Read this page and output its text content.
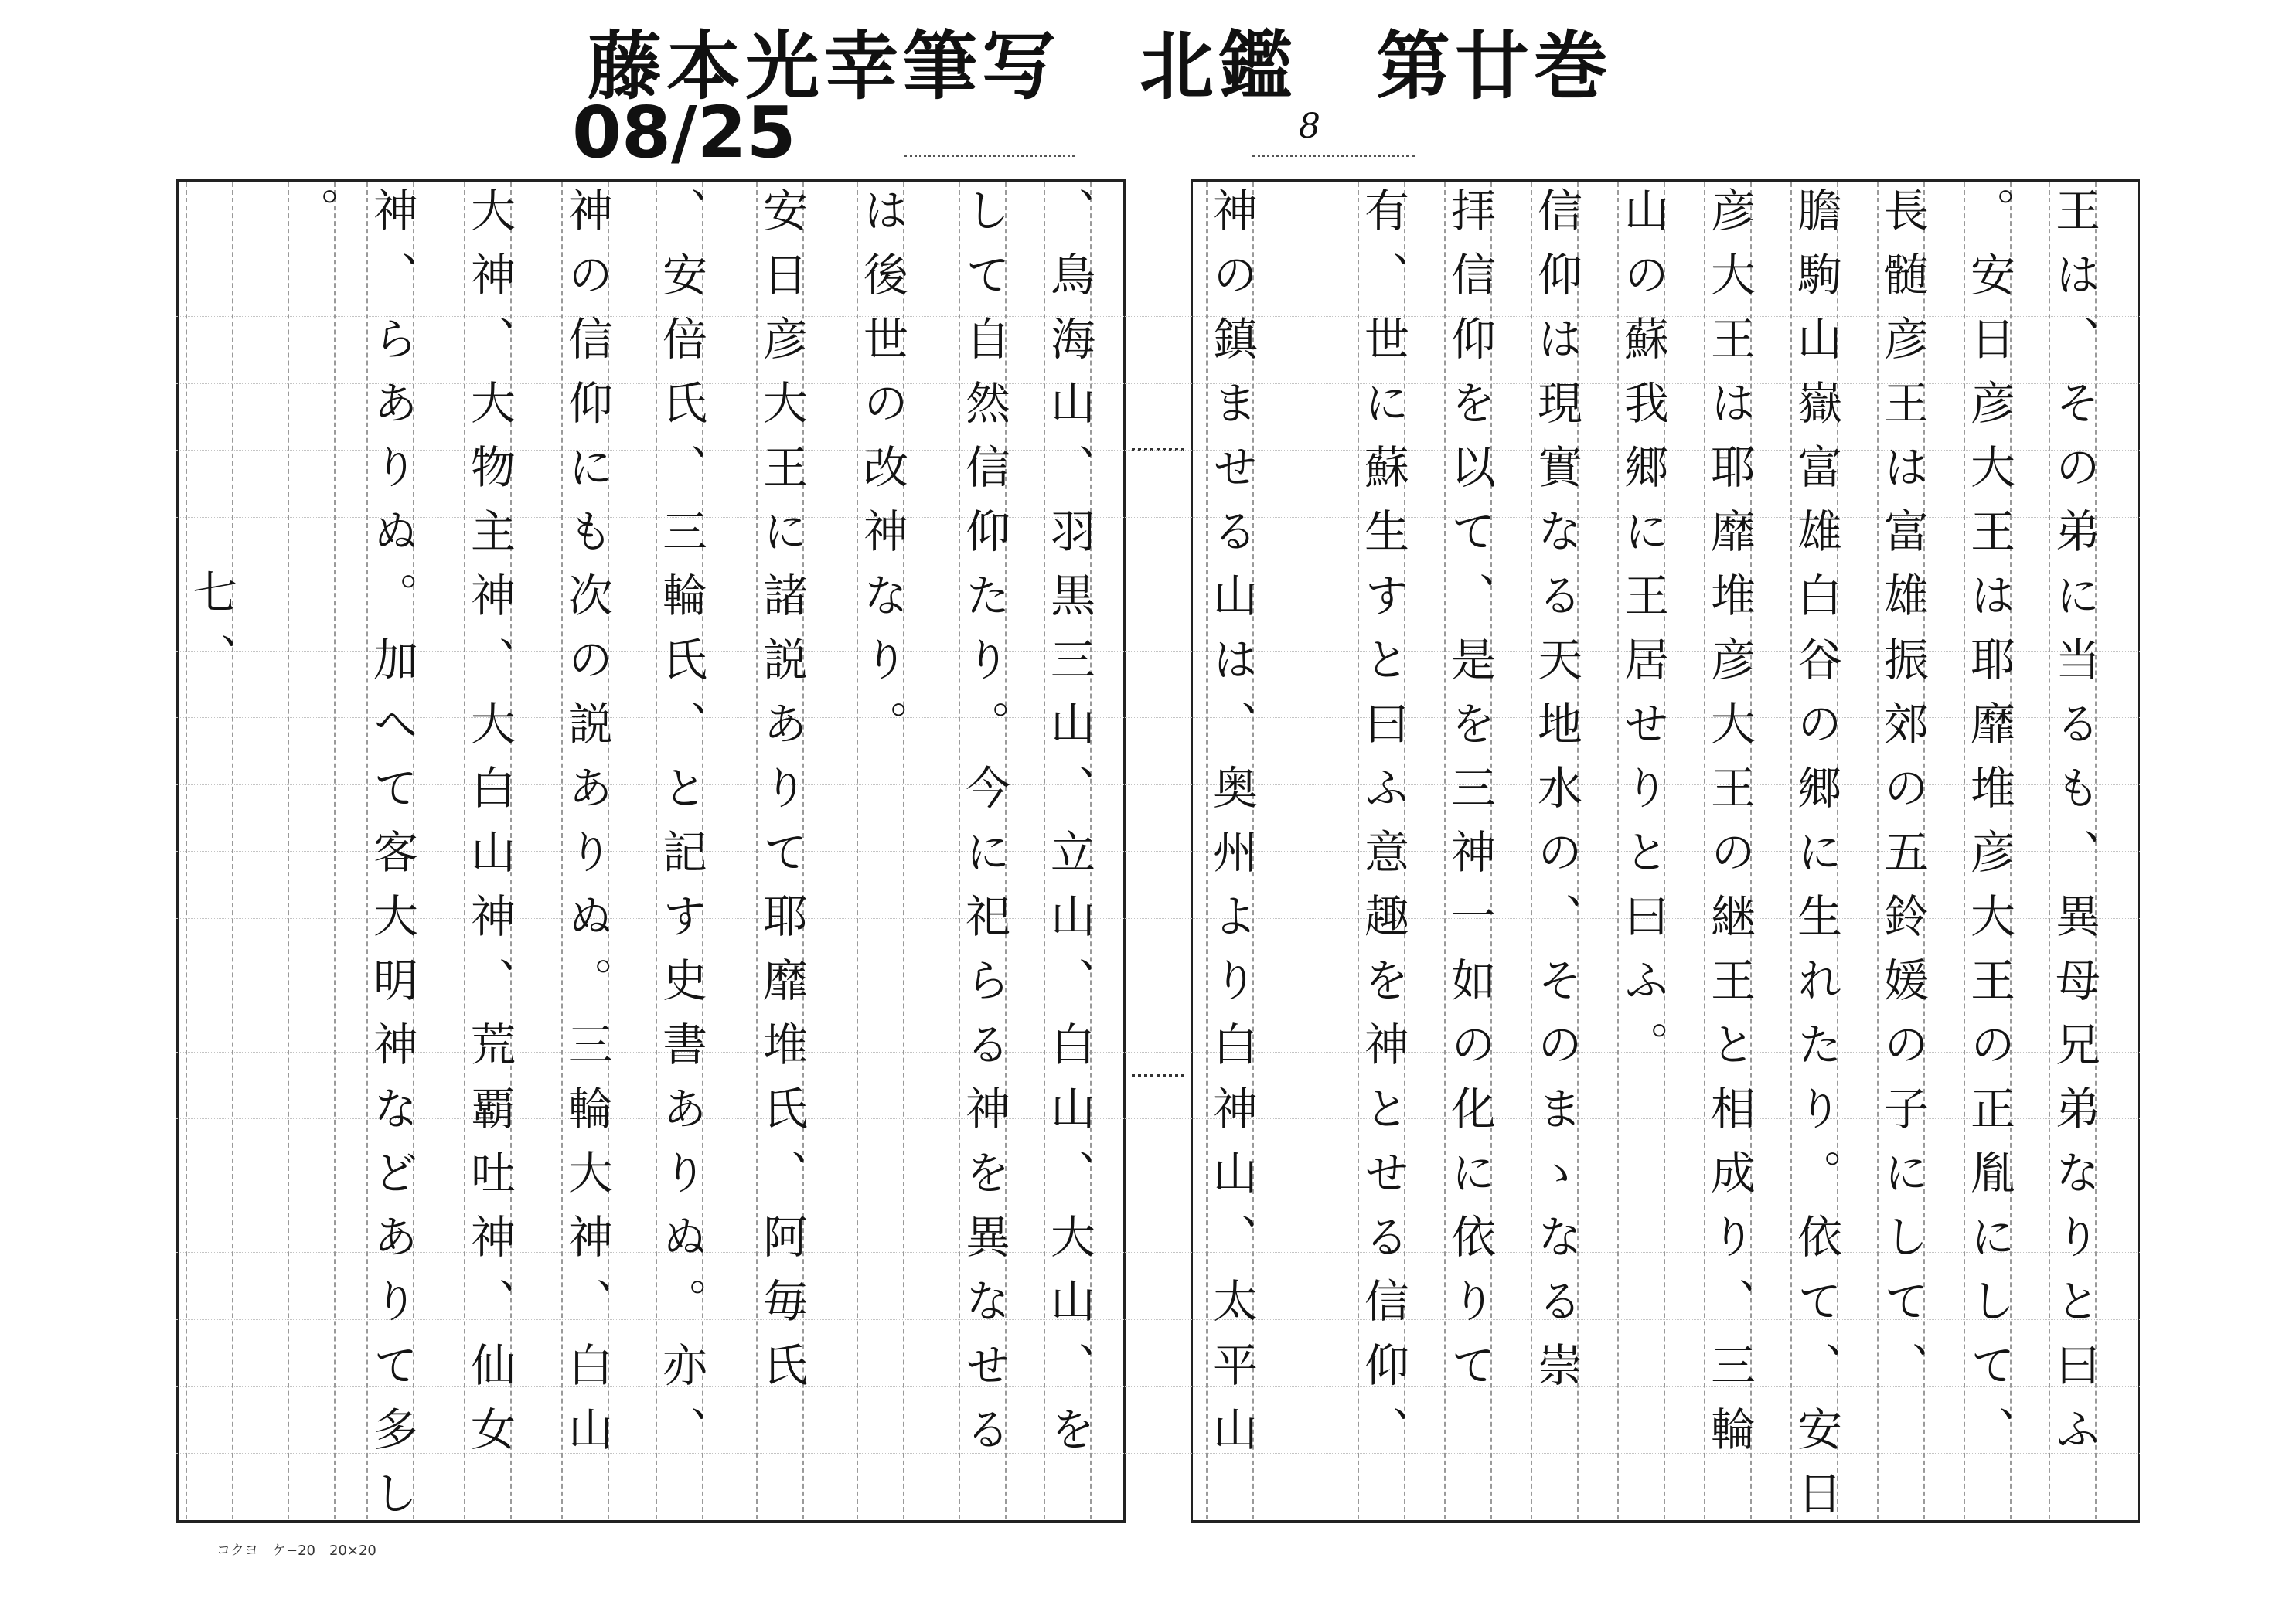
藤本光幸筆写　北鑑　第廿巻
08/25	8
王は、その弟に当るも、異母兄弟なりと曰ふ
。安日彦大王は耶靡堆彦大王の正胤にして、
長髄彦王は富雄振郊の五鈴媛の子にして、
膽駒山嶽富雄白谷の郷に生れたり。依て、安日
彦大王は耶靡堆彦大王の継王と相成り、三輪
山の蘇我郷に王居せりと曰ふ。
信仰は現實なる天地水の、そのまゝなる崇
拝信仰を以て、是を三神一如の化に依りて
有、世に蘇生すと曰ふ意趣を神とせる信仰、
神の鎮ませる山は、奥州より白神山、太平山
、鳥海山、羽黒三山、立山、白山、大山、を
して自然信仰たり。今に祀らる神を異なせる
は後世の改神なり。
安日彦大王に諸説ありて耶靡堆氏、阿毎氏
、安倍氏、三輪氏、と記す史書ありぬ。亦、
神の信仰にも次の説ありぬ。三輪大神、白山
大神、大物主神、大白山神、荒覇吐神、仙女
神、らありぬ。加へて客大明神などありて多し
。
七、
コクヨ　ケ−20　20×20
